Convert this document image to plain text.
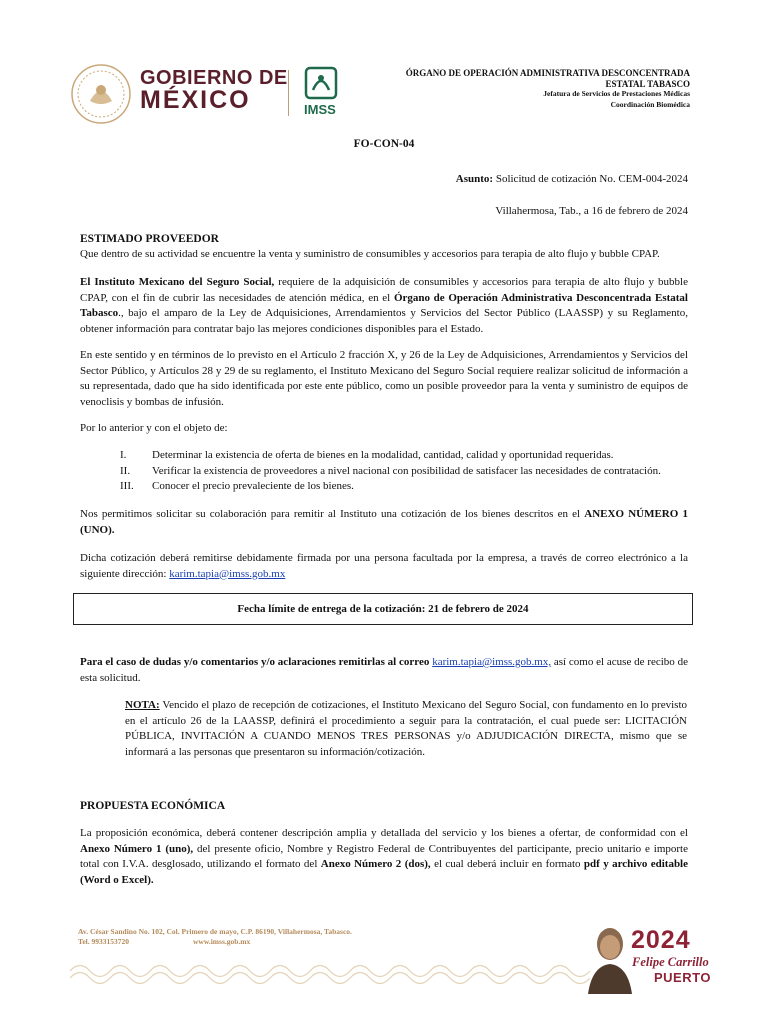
GOBIERNO DE
MÉXICO	IMSS
ÓRGANO DE OPERACIÓN ADMINISTRATIVA DESCONCENTRADA
ESTATAL TABASCO
Jefatura de Servicios de Prestaciones Médicas
Coordinación Biomédica
FO-CON-04
Asunto: Solicitud de cotización No. CEM-004-2024
Villahermosa, Tab., a 16 de febrero de 2024
ESTIMADO PROVEEDOR
Que dentro de su actividad se encuentre la venta y suministro de consumibles y accesorios para terapia de alto flujo y bubble CPAP.
El Instituto Mexicano del Seguro Social, requiere de la adquisición de consumibles y accesorios para terapia de alto flujo y bubble CPAP, con el fin de cubrir las necesidades de atención médica, en el Órgano de Operación Administrativa Desconcentrada Estatal Tabasco., bajo el amparo de la Ley de Adquisiciones, Arrendamientos y Servicios del Sector Público (LAASSP) y su Reglamento, obtener información para contratar bajo las mejores condiciones disponibles para el Estado.
En este sentido y en términos de lo previsto en el Artículo 2 fracción X, y 26 de la Ley de Adquisiciones, Arrendamientos y Servicios del Sector Público, y Artículos 28 y 29 de su reglamento, el Instituto Mexicano del Seguro Social requiere realizar solicitud de información a su representada, dado que ha sido identificada por este ente público, como un posible proveedor para la venta y suministro de equipos de venoclisis y bombas de infusión.
Por lo anterior y con el objeto de:
I. Determinar la existencia de oferta de bienes en la modalidad, cantidad, calidad y oportunidad requeridas.
II. Verificar la existencia de proveedores a nivel nacional con posibilidad de satisfacer las necesidades de contratación.
III. Conocer el precio prevaleciente de los bienes.
Nos permitimos solicitar su colaboración para remitir al Instituto una cotización de los bienes descritos en el ANEXO NÚMERO 1 (UNO).
Dicha cotización deberá remitirse debidamente firmada por una persona facultada por la empresa, a través de correo electrónico a la siguiente dirección: karim.tapia@imss.gob.mx
Fecha límite de entrega de la cotización: 21 de febrero de 2024
Para el caso de dudas y/o comentarios y/o aclaraciones remitirlas al correo karim.tapia@imss.gob.mx, así como el acuse de recibo de esta solicitud.
NOTA: Vencido el plazo de recepción de cotizaciones, el Instituto Mexicano del Seguro Social, con fundamento en lo previsto en el artículo 26 de la LAASSP, definirá el procedimiento a seguir para la contratación, el cual puede ser: LICITACIÓN PÚBLICA, INVITACIÓN A CUANDO MENOS TRES PERSONAS y/o ADJUDICACIÓN DIRECTA, mismo que se informará a las personas que presentaron su información/cotización.
PROPUESTA ECONÓMICA
La proposición económica, deberá contener descripción amplia y detallada del servicio y los bienes a ofertar, de conformidad con el Anexo Número 1 (uno), del presente oficio, Nombre y Registro Federal de Contribuyentes del participante, precio unitario e importe total con I.V.A. desglosado, utilizando el formato del Anexo Número 2 (dos), el cual deberá incluir en formato pdf y archivo editable (Word o Excel).
Av. César Sandino No. 102, Col. Primero de mayo, C.P. 86190, Villahermosa, Tabasco.
Tel. 9933153720	www.imss.gob.mx	2024
Felipe Carrillo
PUERTO
